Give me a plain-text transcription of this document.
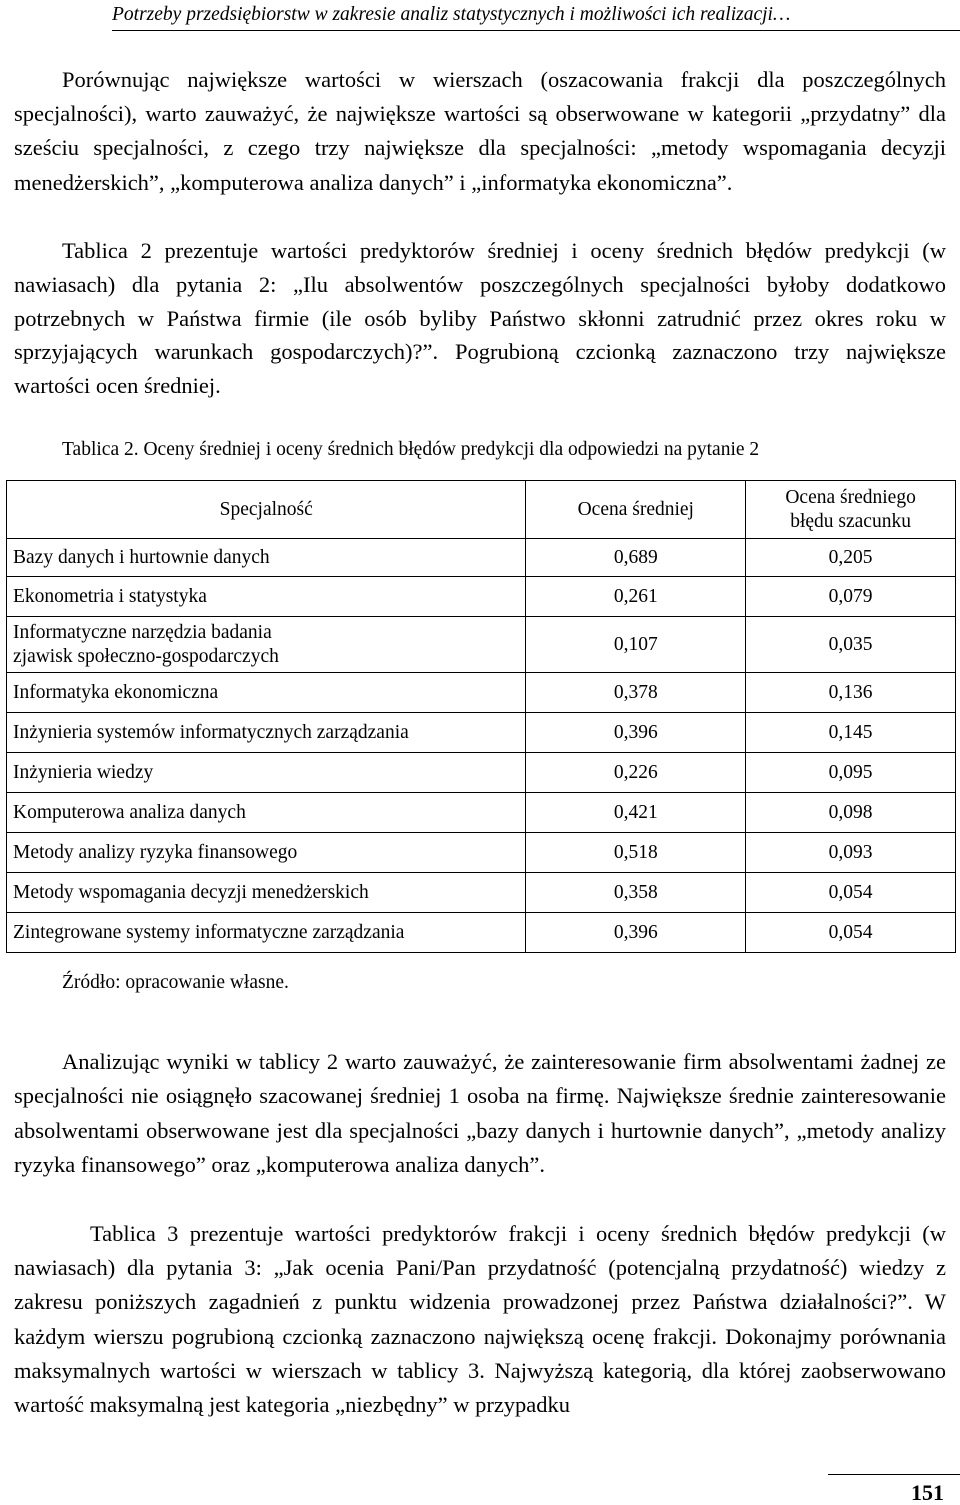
Potrzeby przedsiębiorstw w zakresie analiz statystycznych i możliwości ich realizacji…

Porównując największe wartości w wierszach (oszacowania frakcji dla poszczególnych specjalności), warto zauważyć, że największe wartości są obserwowane w kategorii „przydatny” dla sześciu specjalności, z czego trzy największe dla specjalności: „metody wspomagania decyzji menedżerskich”, „komputerowa analiza danych” i „informatyka ekonomiczna”.

Tablica 2 prezentuje wartości predyktorów średniej i oceny średnich błędów predykcji (w nawiasach) dla pytania 2: „Ilu absolwentów poszczególnych specjalności byłoby dodatkowo potrzebnych w Państwa firmie (ile osób byliby Państwo skłonni zatrudnić przez okres roku w sprzyjających warunkach gospodarczych)?”. Pogrubioną czcionką zaznaczono trzy największe wartości ocen średniej.

Tablica 2. Oceny średniej i oceny średnich błędów predykcji dla odpowiedzi na pytanie 2
Specjalność	Ocena średniej	Ocena średniego
błędu szacunku
Bazy danych i hurtownie danych	0,689	0,205
Ekonometria i statystyka	0,261	0,079
Informatyczne narzędzia badania
zjawisk społeczno-gospodarczych	0,107	0,035
Informatyka ekonomiczna	0,378	0,136
Inżynieria systemów informatycznych zarządzania	0,396	0,145
Inżynieria wiedzy	0,226	0,095
Komputerowa analiza danych	0,421	0,098
Metody analizy ryzyka finansowego	0,518	0,093
Metody wspomagania decyzji menedżerskich	0,358	0,054
Zintegrowane systemy informatyczne zarządzania	0,396	0,054
Źródło: opracowanie własne.

Analizując wyniki w tablicy 2 warto zauważyć, że zainteresowanie firm absolwentami żadnej ze specjalności nie osiągnęło szacowanej średniej 1 osoba na firmę. Największe średnie zainteresowanie absolwentami obserwowane jest dla specjalności „bazy danych i hurtownie danych”, „metody analizy ryzyka finansowego” oraz „komputerowa analiza danych”.

Tablica 3 prezentuje wartości predyktorów frakcji i oceny średnich błędów predykcji (w nawiasach) dla pytania 3: „Jak ocenia Pani/Pan przydatność (potencjalną przydatność) wiedzy z zakresu poniższych zagadnień z punktu widzenia prowadzonej przez Państwa działalności?”. W każdym wierszu pogrubioną czcionką zaznaczono największą ocenę frakcji. Dokonajmy porównania maksymalnych wartości w wierszach w tablicy 3. Najwyższą kategorią, dla której zaobserwowano wartość maksymalną jest kategoria „niezbędny” w przypadku

151
